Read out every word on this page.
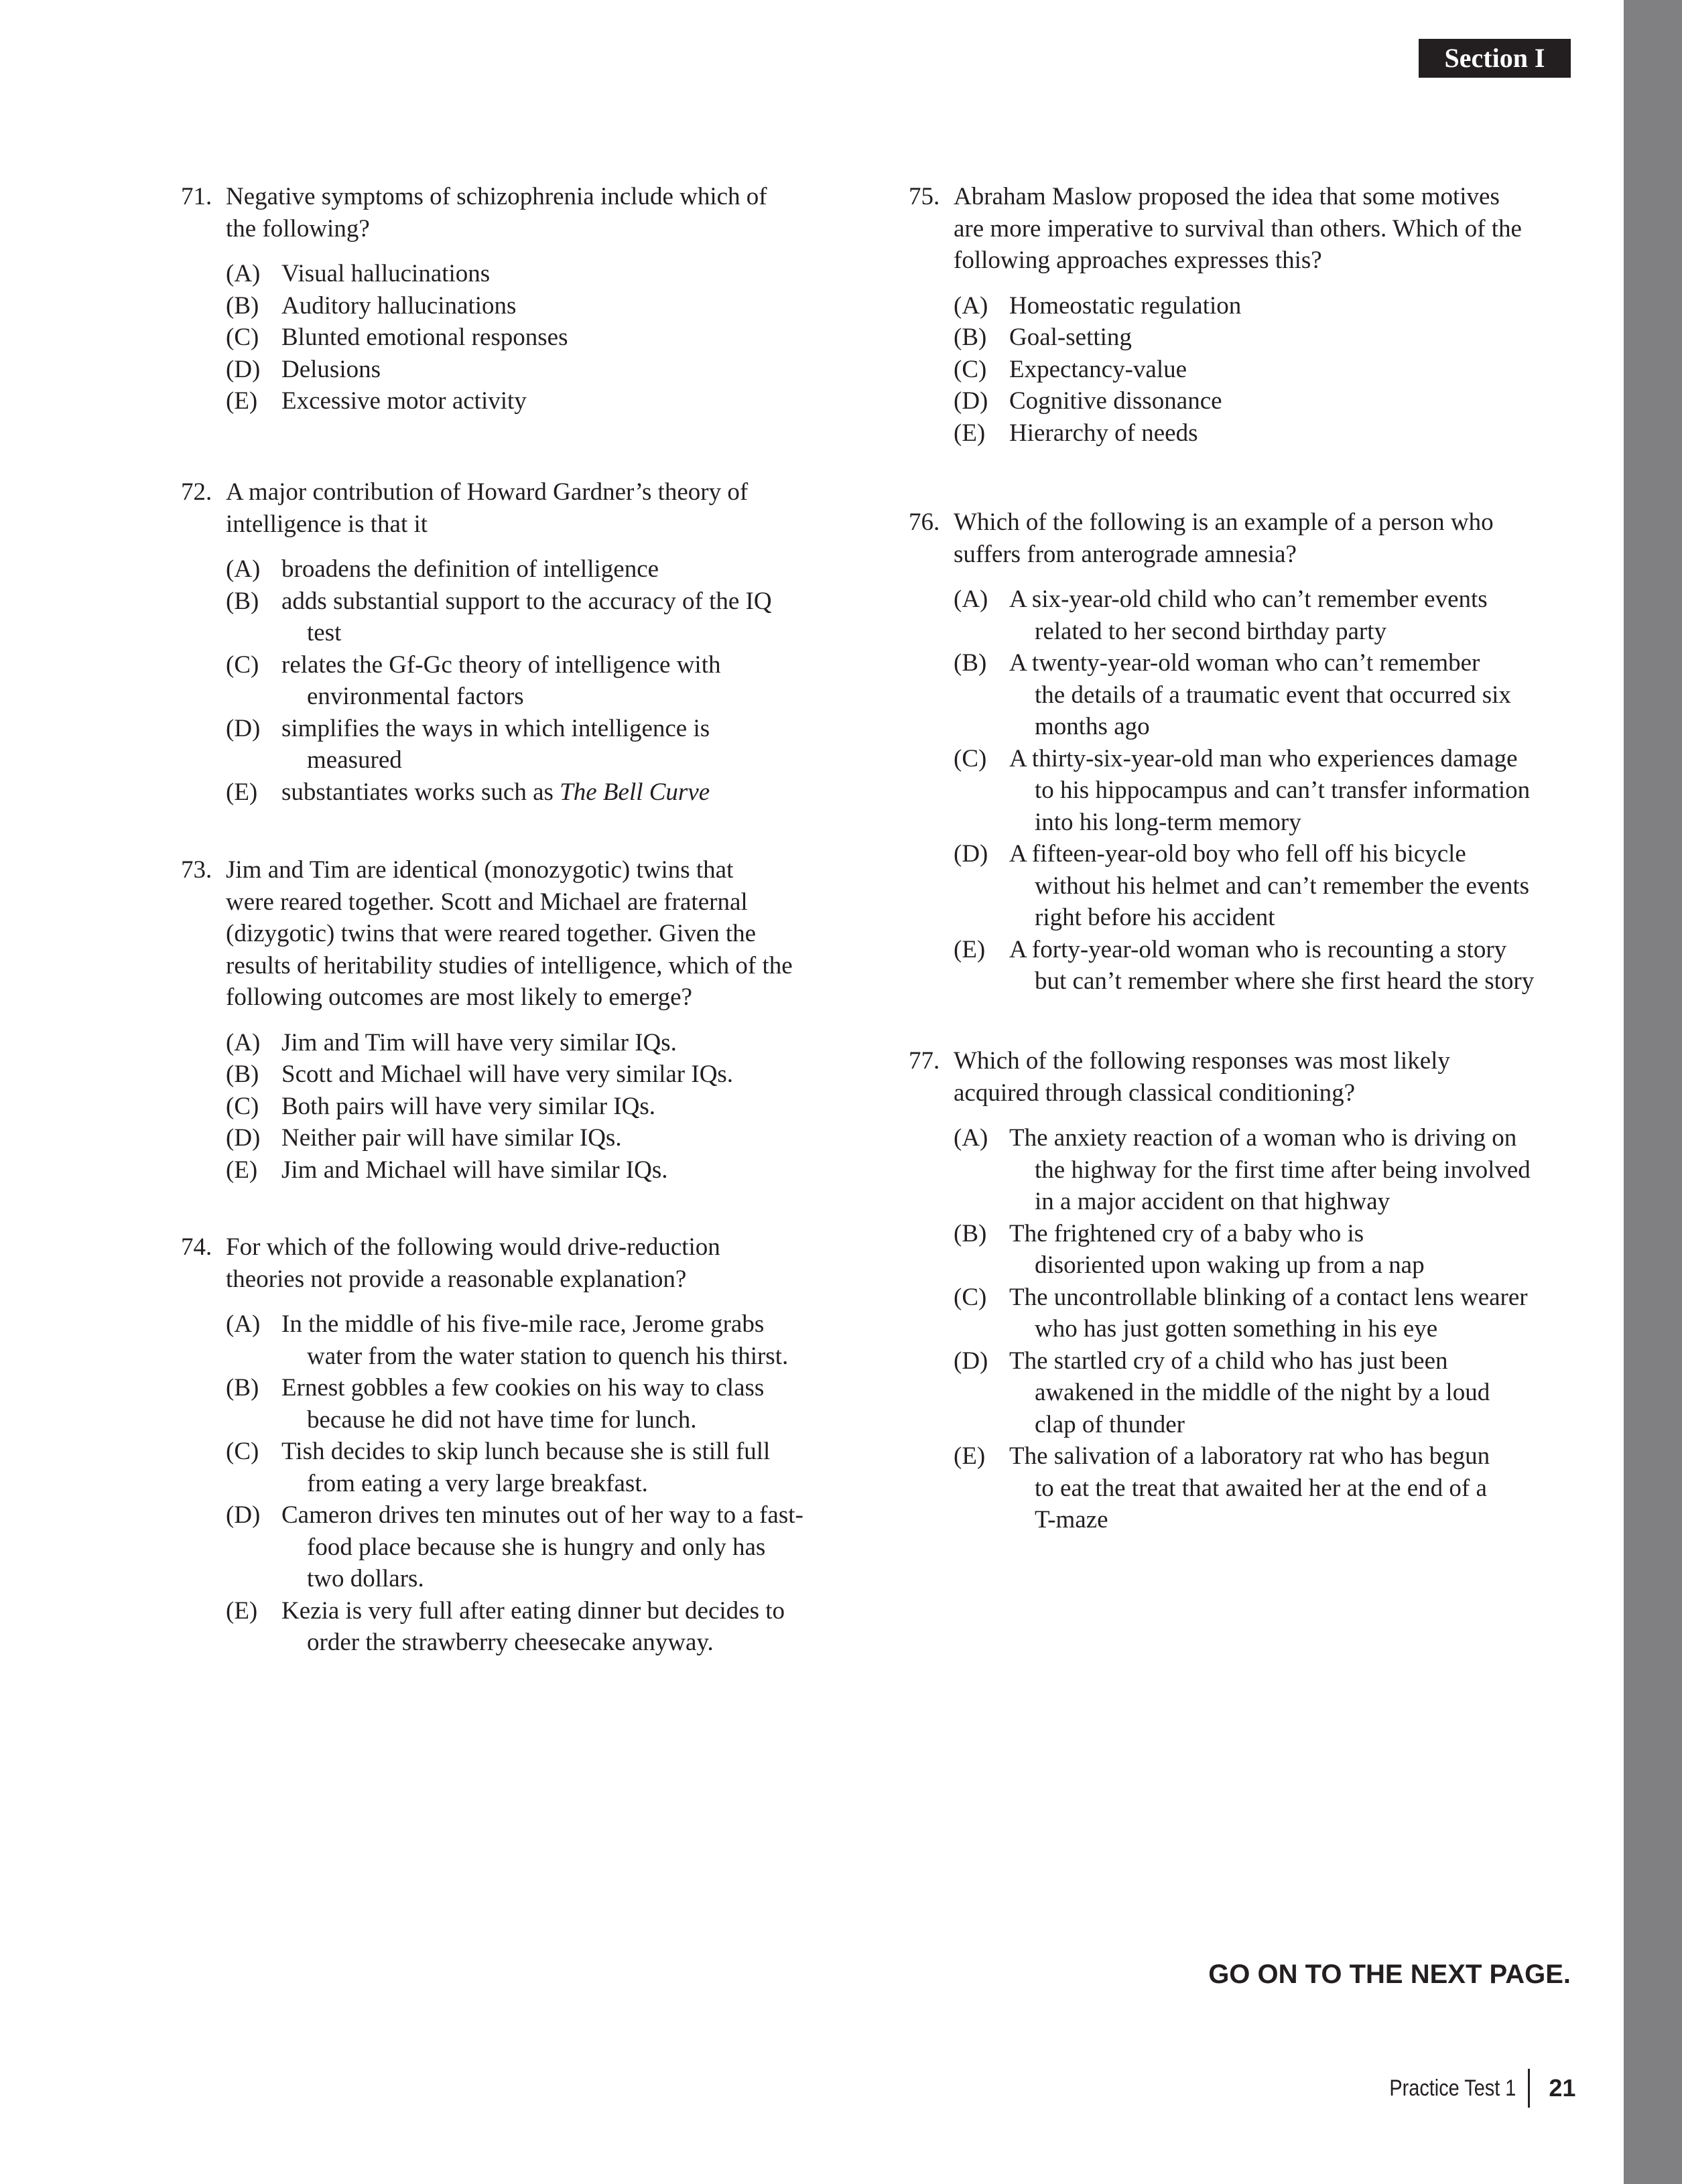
Section I
71. Negative symptoms of schizophrenia include which of
the following?
(A) Visual hallucinations
(B) Auditory hallucinations
(C) Blunted emotional responses
(D) Delusions
(E) Excessive motor activity
72. A major contribution of Howard Gardner’s theory of
intelligence is that it
(A) broadens the definition of intelligence
(B) adds substantial support to the accuracy of the IQ
test
(C) relates the Gf-Gc theory of intelligence with
environmental factors
(D) simplifies the ways in which intelligence is
measured
(E) substantiates works such as The Bell Curve
73. Jim and Tim are identical (monozygotic) twins that
were reared together. Scott and Michael are fraternal
(dizygotic) twins that were reared together. Given the
results of heritability studies of intelligence, which of the
following outcomes are most likely to emerge?
(A) Jim and Tim will have very similar IQs.
(B) Scott and Michael will have very similar IQs.
(C) Both pairs will have very similar IQs.
(D) Neither pair will have similar IQs.
(E) Jim and Michael will have similar IQs.
74. For which of the following would drive-reduction
theories not provide a reasonable explanation?
(A) In the middle of his five-mile race, Jerome grabs
water from the water station to quench his thirst.
(B) Ernest gobbles a few cookies on his way to class
because he did not have time for lunch.
(C) Tish decides to skip lunch because she is still full
from eating a very large breakfast.
(D) Cameron drives ten minutes out of her way to a fast-
food place because she is hungry and only has
two dollars.
(E) Kezia is very full after eating dinner but decides to
order the strawberry cheesecake anyway.
75. Abraham Maslow proposed the idea that some motives
are more imperative to survival than others. Which of the
following approaches expresses this?
(A) Homeostatic regulation
(B) Goal-setting
(C) Expectancy-value
(D) Cognitive dissonance
(E) Hierarchy of needs
76. Which of the following is an example of a person who
suffers from anterograde amnesia?
(A) A six-year-old child who can’t remember events
related to her second birthday party
(B) A twenty-year-old woman who can’t remember
the details of a traumatic event that occurred six
months ago
(C) A thirty-six-year-old man who experiences damage
to his hippocampus and can’t transfer information
into his long-term memory
(D) A fifteen-year-old boy who fell off his bicycle
without his helmet and can’t remember the events
right before his accident
(E) A forty-year-old woman who is recounting a story
but can’t remember where she first heard the story
77. Which of the following responses was most likely
acquired through classical conditioning?
(A) The anxiety reaction of a woman who is driving on
the highway for the first time after being involved
in a major accident on that highway
(B) The frightened cry of a baby who is
disoriented upon waking up from a nap
(C) The uncontrollable blinking of a contact lens wearer
who has just gotten something in his eye
(D) The startled cry of a child who has just been
awakened in the middle of the night by a loud
clap of thunder
(E) The salivation of a laboratory rat who has begun
to eat the treat that awaited her at the end of a
T-maze
GO ON TO THE NEXT PAGE.
Practice Test 1 21
